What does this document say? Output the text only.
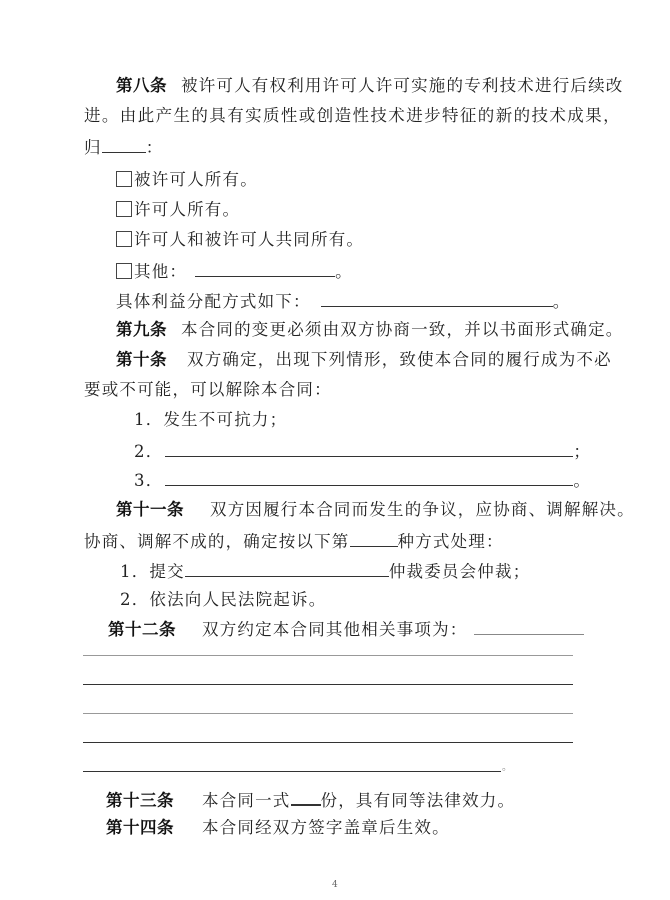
第八条 被许可人有权利用许可人许可实施的专利技术进行后续改
进。由此产生的具有实质性或创造性技术进步特征的新的技术成果，
归	：
被许可人所有。
许可人所有。
许可人和被许可人共同所有。
其他：	。
具体利益分配方式如下：	。
第九条 本合同的变更必须由双方协商一致，并以书面形式确定。
第十条 双方确定，出现下列情形，致使本合同的履行成为不必
要或不可能，可以解除本合同：
1．发生不可抗力；
2．	；
3．	。
第十一条 双方因履行本合同而发生的争议，应协商、调解解决。
协商、调解不成的，确定按以下第	种方式处理：
1．提交	仲裁委员会仲裁；
2．依法向人民法院起诉。
第十二条 双方约定本合同其他相关事项为：
。
第十三条 本合同一式 份，具有同等法律效力。
第十四条 本合同经双方签字盖章后生效。
4
